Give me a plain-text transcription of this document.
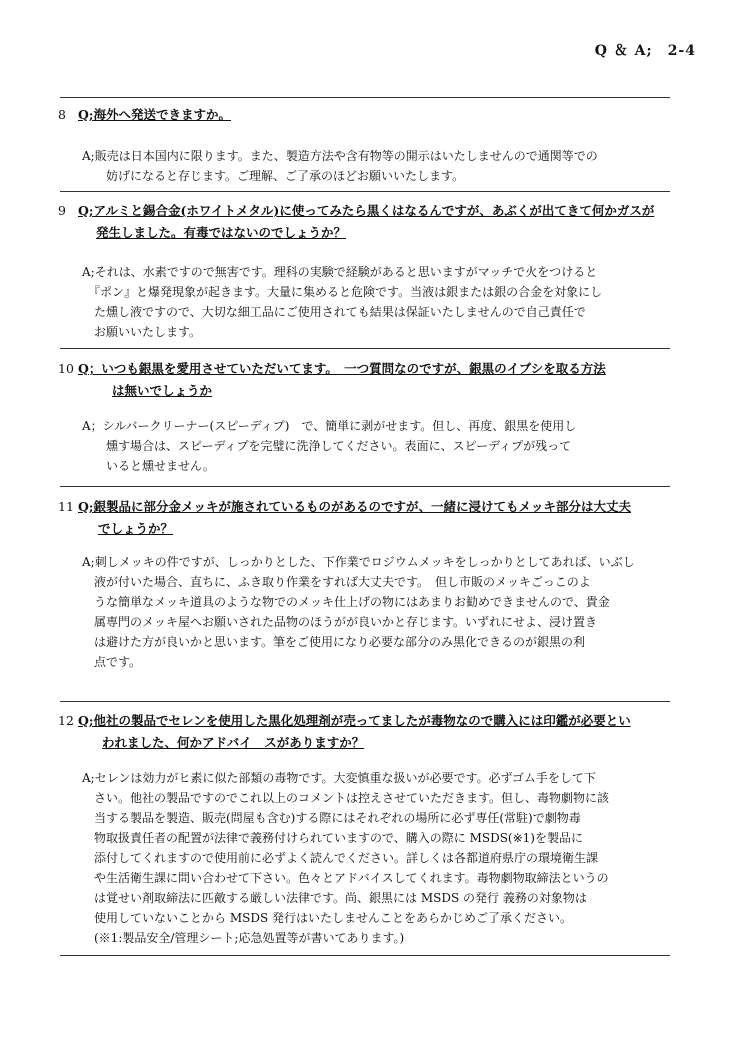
Q ＆ A;　2-4
8 Q;海外へ発送できますか。
A;販売は日本国内に限ります。また、製造方法や含有物等の開示はいたしませんので通関等での
　　妨げになると存じます。ご理解、ご了承のほどお願いいたします。
9 Q;アルミと錫合金(ホワイトメタル)に使ってみたら黒くはなるんですが、あぶくが出てきて何かガスが
発生しました。有毒ではないのでしょうか？
A;それは、水素ですので無害です。理科の実験で経験があると思いますがマッチで火をつけると
　『ポン』と爆発現象が起きます。大量に集めると危険です。当液は銀または銀の合金を対象にし
　た燻し液ですので、大切な細工品にご使用されても結果は保証いたしませんので自己責任で
　お願いいたします。
10 Q；いつも銀黒を愛用させていただいてます。　一つ質問なのですが、銀黒のイブシを取る方法
は無いでしょうか
A；シルバークリーナー(スピーディプ)　で、簡単に剥がせます。但し、再度、銀黒を使用し
　　燻す場合は、スピーディプを完璧に洗浄してください。表面に、スピーディプが残って
　　いると燻せません。
11 Q;銀製品に部分金メッキが施されているものがあるのですが、一緒に浸けてもメッキ部分は大丈夫
でしょうか？
A;刺しメッキの件ですが、しっかりとした、下作業でロジウムメッキをしっかりとしてあれば、いぶし
　液が付いた場合、直ちに、ふき取り作業をすれば大丈夫です。　但し市販のメッキごっこのよ
　うな簡単なメッキ道具のような物でのメッキ仕上げの物にはあまりお勧めできませんので、貴金
　属専門のメッキ屋へお願いされた品物のほうがが良いかと存じます。いずれにせよ、浸け置き
　は避けた方が良いかと思います。筆をご使用になり必要な部分のみ黒化できるのが銀黒の利
　点です。
12 Q;他社の製品でセレンを使用した黒化処理剤が売ってましたが毒物なので購入には印鑑が必要とい
われました、何かアドバイ　スがありますか？
A;セレンは効力がヒ素に似た部類の毒物です。大変慎重な扱いが必要です。必ずゴム手をして下
　さい。他社の製品ですのでこれ以上のコメントは控えさせていただきます。但し、毒物劇物に該
　当する製品を製造、販売(問屋も含む)する際にはそれぞれの場所に必ず専任(常駐)で劇物毒
　物取扱責任者の配置が法律で義務付けられていますので、購入の際に MSDS(※1)を製品に
　添付してくれますので使用前に必ずよく読んでください。詳しくは各都道府県庁の環境衛生課
　や生活衛生課に問い合わせて下さい。色々とアドバイスしてくれます。毒物劇物取締法というの
　は覚せい剤取締法に匹敵する厳しい法律です。尚、銀黒には MSDS の発行 義務の対象物は
　使用していないことから MSDS 発行はいたしませんことをあらかじめご了承ください。
　(※1:製品安全/管理シート;応急処置等が書いてあります。)
